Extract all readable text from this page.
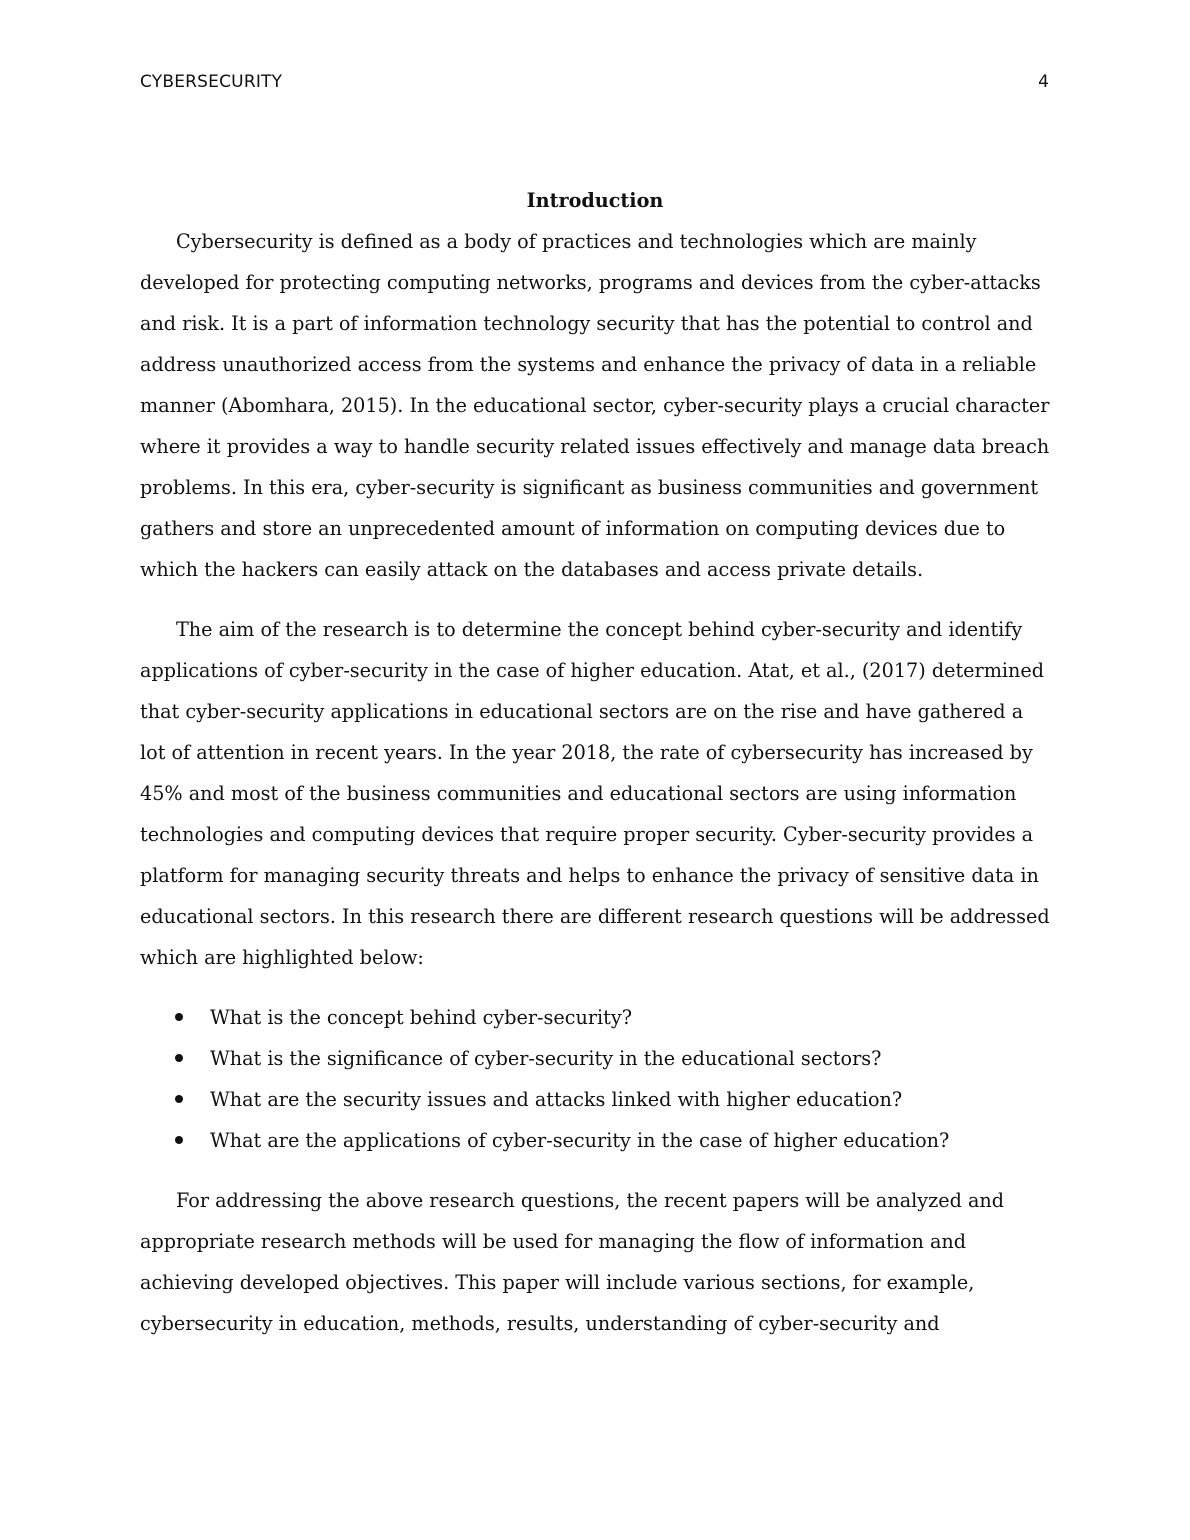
CYBERSECURITY	4
Introduction

Cybersecurity is defined as a body of practices and technologies which are mainly developed for protecting computing networks, programs and devices from the cyber-attacks and risk. It is a part of information technology security that has the potential to control and address unauthorized access from the systems and enhance the privacy of data in a reliable manner (Abomhara, 2015). In the educational sector, cyber-security plays a crucial character where it provides a way to handle security related issues effectively and manage data breach problems. In this era, cyber-security is significant as business communities and government gathers and store an unprecedented amount of information on computing devices due to which the hackers can easily attack on the databases and access private details.

The aim of the research is to determine the concept behind cyber-security and identify applications of cyber-security in the case of higher education. Atat, et al., (2017) determined that cyber-security applications in educational sectors are on the rise and have gathered a lot of attention in recent years. In the year 2018, the rate of cybersecurity has increased by 45% and most of the business communities and educational sectors are using information technologies and computing devices that require proper security. Cyber-security provides a platform for managing security threats and helps to enhance the privacy of sensitive data in educational sectors. In this research there are different research questions will be addressed which are highlighted below:

What is the concept behind cyber-security?
What is the significance of cyber-security in the educational sectors?
What are the security issues and attacks linked with higher education?
What are the applications of cyber-security in the case of higher education?

For addressing the above research questions, the recent papers will be analyzed and appropriate research methods will be used for managing the flow of information and achieving developed objectives. This paper will include various sections, for example, cybersecurity in education, methods, results, understanding of cyber-security and
